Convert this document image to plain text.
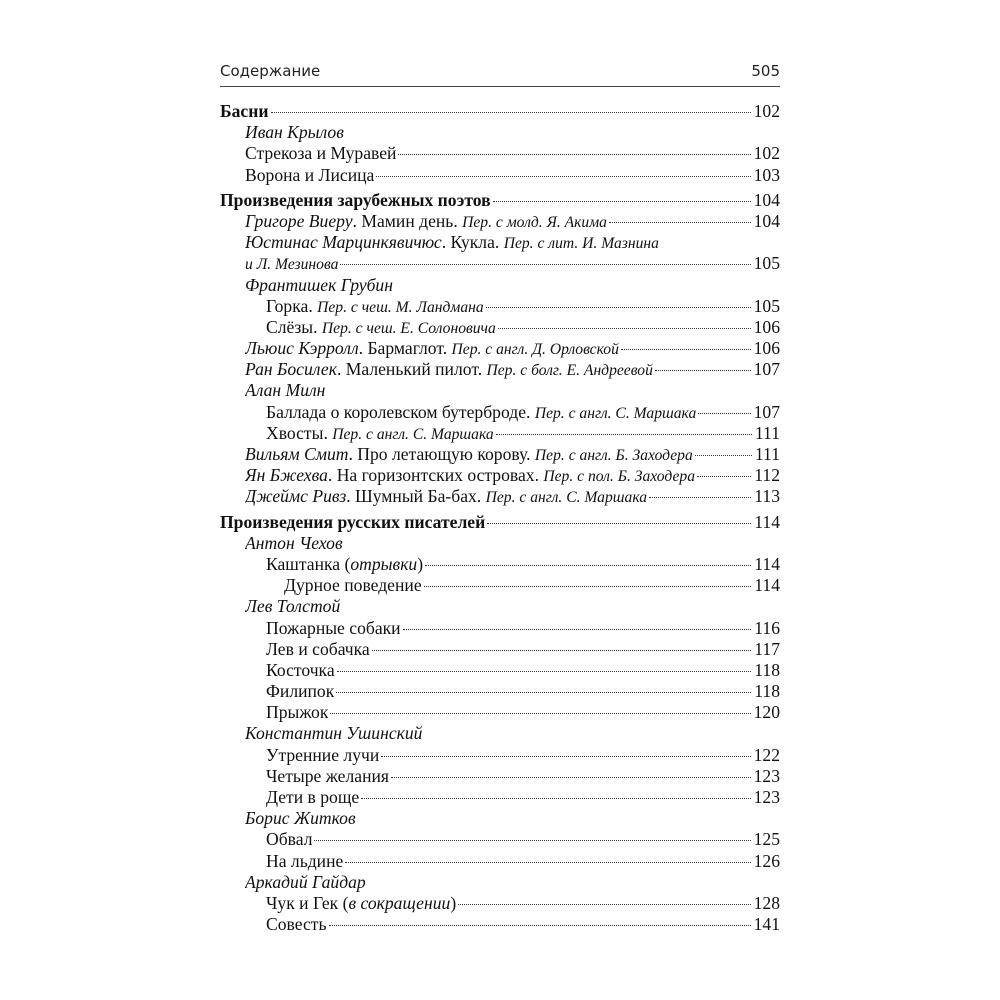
Содержание	505
Басни	102
Иван Крылов
Стрекоза и Муравей	102
Ворона и Лисица	103
Произведения зарубежных поэтов	104
Григоре Виеру. Мамин день. Пер. с молд. Я. Акима	104
Юстинас Марцинкявичюс. Кукла. Пер. с лит. И. Мазнина
и Л. Мезинова	105
Франтишек Грубин
Горка. Пер. с чеш. М. Ландмана	105
Слёзы. Пер. с чеш. Е. Солоновича	106
Льюис Кэрролл. Бармаглот. Пер. с англ. Д. Орловской	106
Ран Босилек. Маленький пилот. Пер. с болг. Е. Андреевой	107
Алан Милн
Баллада о королевском бутерброде. Пер. с англ. С. Маршака	107
Хвосты. Пер. с англ. С. Маршака	111
Вильям Смит. Про летающую корову. Пер. с англ. Б. Заходера	111
Ян Бжехва. На горизонтских островах. Пер. с пол. Б. Заходера	112
Джеймс Ривз. Шумный Ба-бах. Пер. с англ. С. Маршака	113
Произведения русских писателей	114
Антон Чехов
Каштанка (отрывки)	114
Дурное поведение	114
Лев Толстой
Пожарные собаки	116
Лев и собачка	117
Косточка	118
Филипок	118
Прыжок	120
Константин Ушинский
Утренние лучи	122
Четыре желания	123
Дети в роще	123
Борис Житков
Обвал	125
На льдине	126
Аркадий Гайдар
Чук и Гек (в сокращении)	128
Совесть	141
